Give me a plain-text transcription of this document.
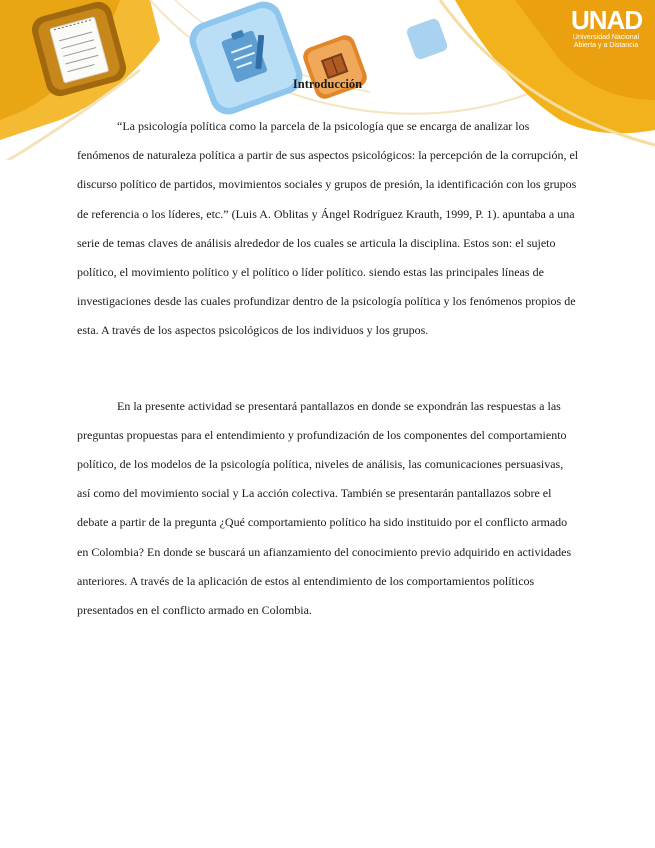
UNAD
Universidad Nacional
Abierta y a Distancia
Introducción

“La psicología política como la parcela de la psicología que se encarga de analizar los fenómenos de naturaleza política a partir de sus aspectos psicológicos: la percepción de la corrupción, el discurso político de partidos, movimientos sociales y grupos de presión, la identificación con los grupos de referencia o los líderes, etc.” (Luis A. Oblitas y Ángel Rodríguez Krauth, 1999, P. 1). apuntaba a una serie de temas claves de análisis alrededor de los cuales se articula la disciplina. Estos son: el sujeto político, el movimiento político y el político o líder político. siendo estas las principales líneas de investigaciones desde las cuales profundizar dentro de la psicología política y los fenómenos propios de esta. A través de los aspectos psicológicos de los individuos y los grupos.

En la presente actividad se presentará pantallazos en donde se expondrán las respuestas a las preguntas propuestas para el entendimiento y profundización de los componentes del comportamiento político, de los modelos de la psicología política, niveles de análisis, las comunicaciones persuasivas, así como del movimiento social y La acción colectiva. También se presentarán pantallazos sobre el debate a partir de la pregunta ¿Qué comportamiento político ha sido instituido por el conflicto armado en Colombia? En donde se buscará un afianzamiento del conocimiento previo adquirido en actividades anteriores. A través de la aplicación de estos al entendimiento de los comportamientos políticos presentados en el conflicto armado en Colombia.
